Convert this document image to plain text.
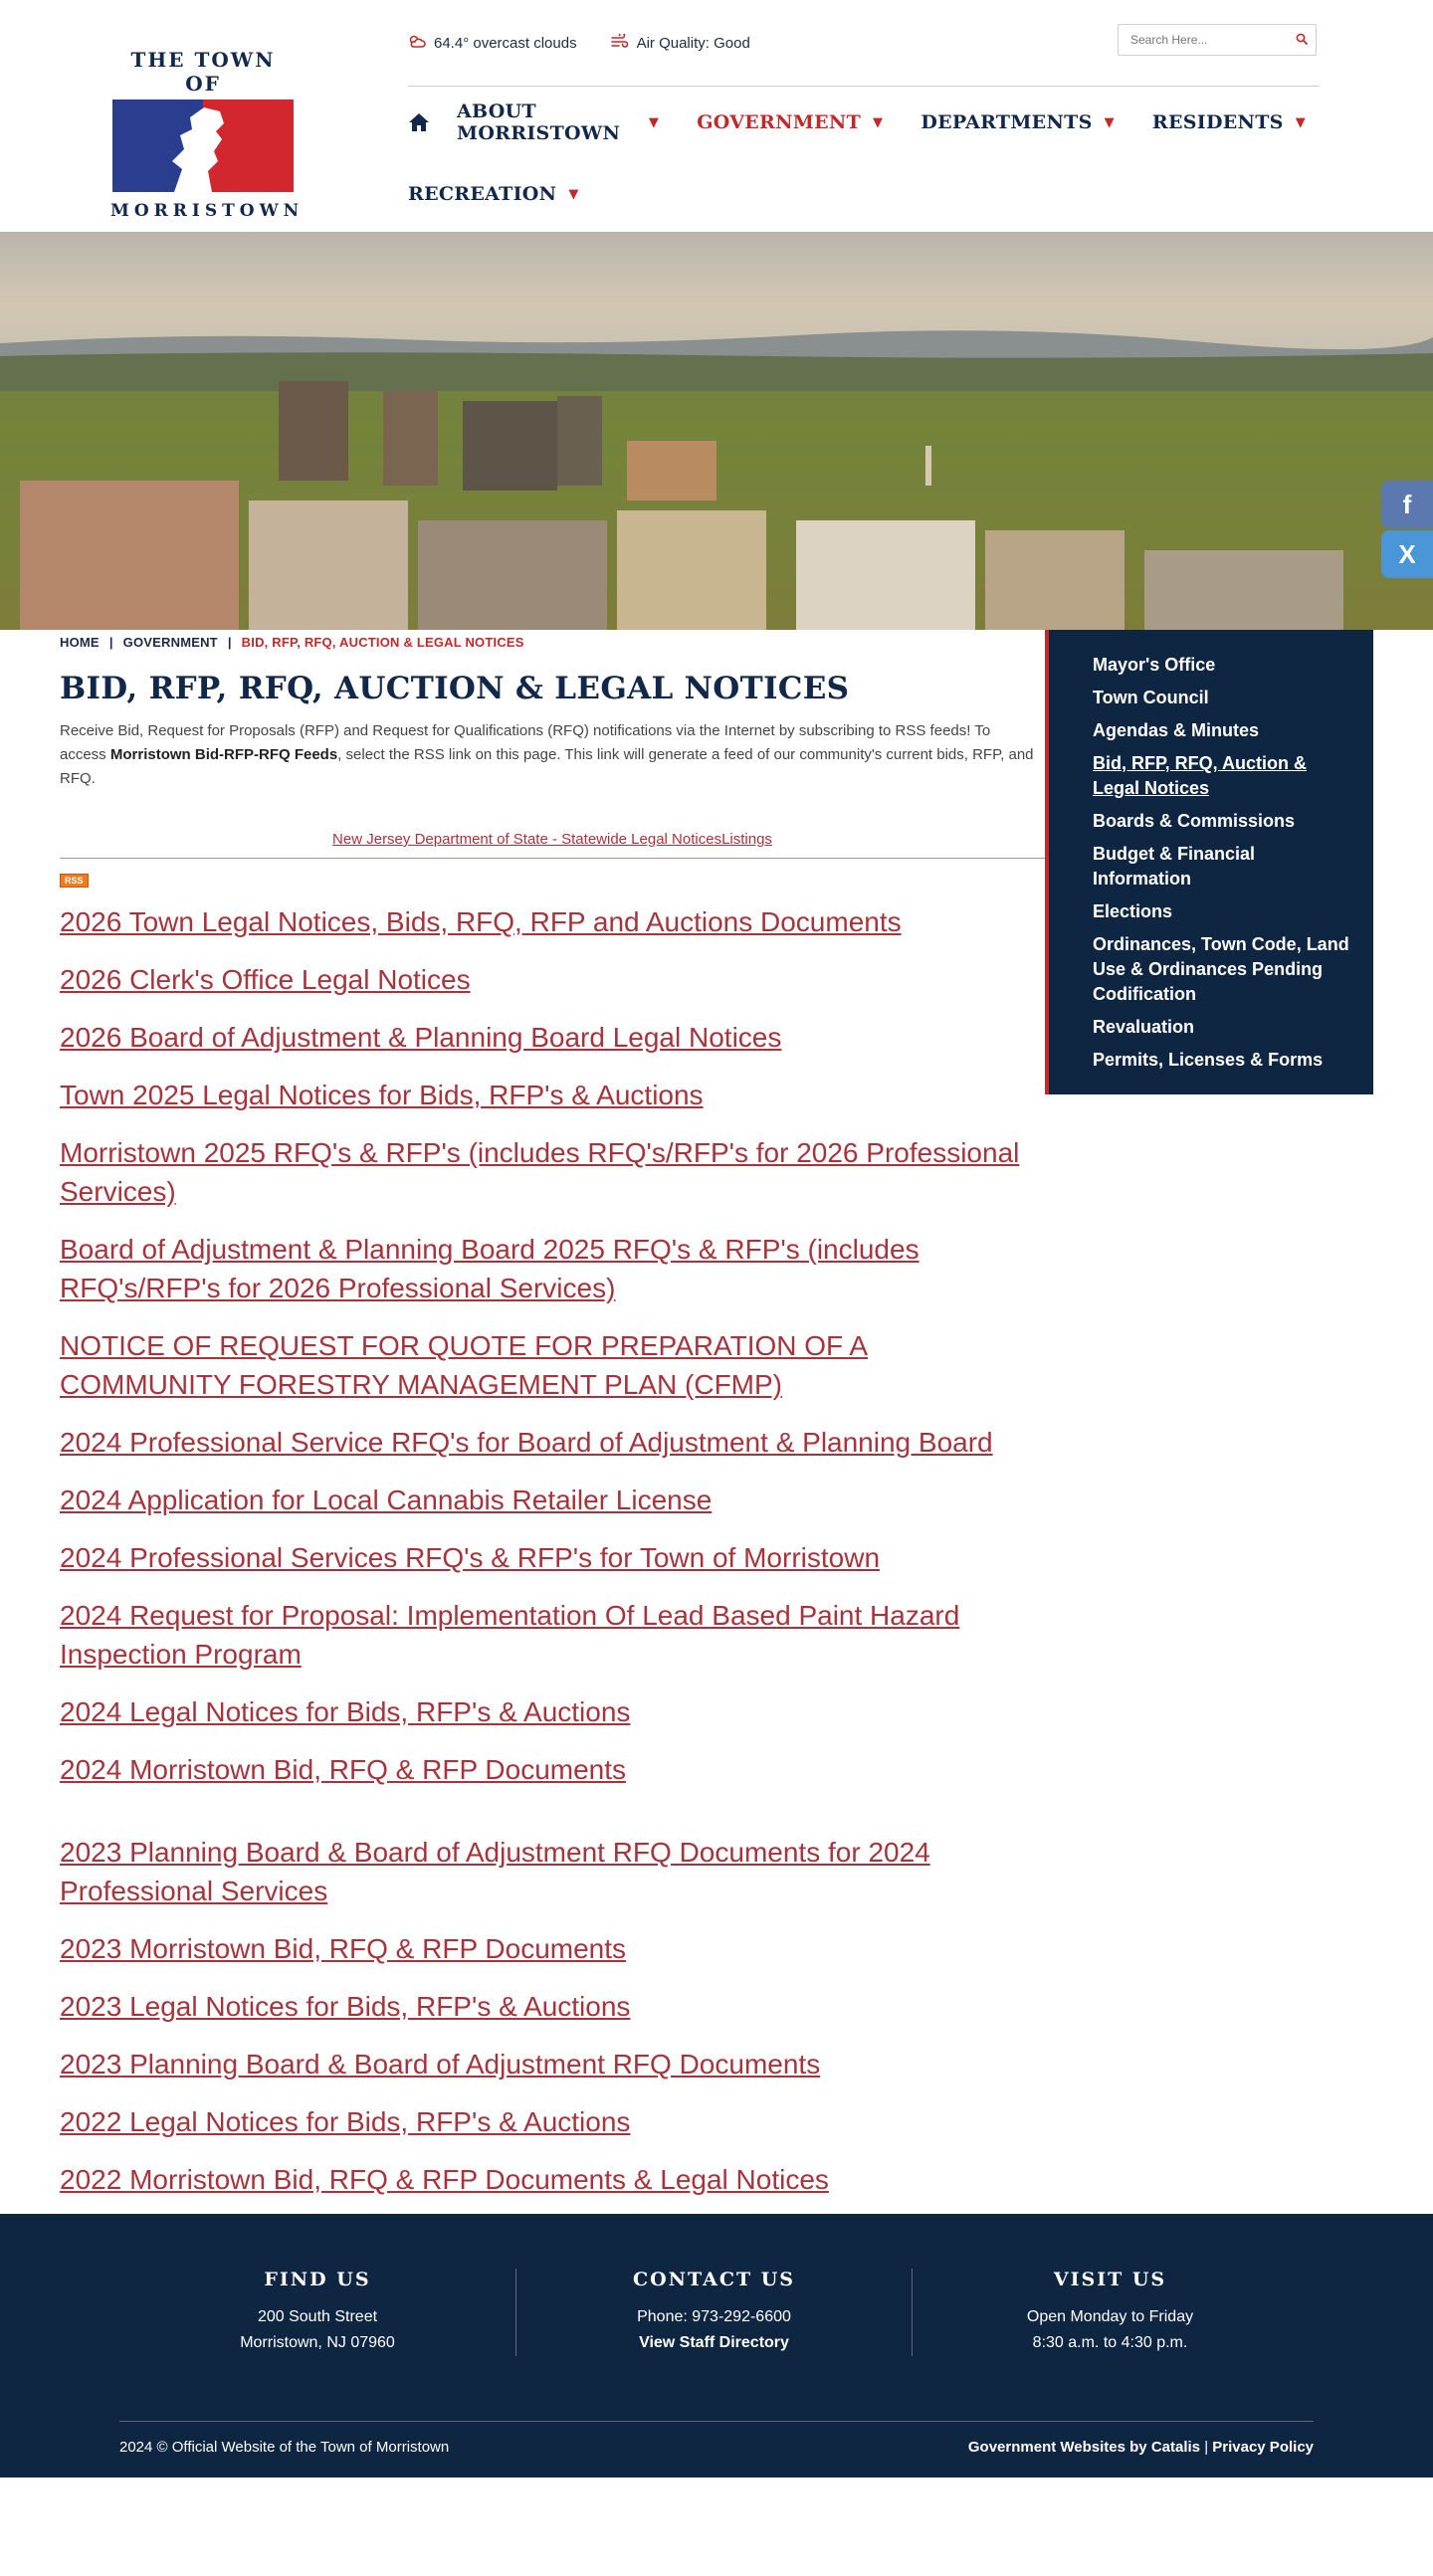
THE TOWN OF
MORRISTOWN
64.4° overcast clouds	Air Quality: Good
Search Here...
ABOUT MORRISTOWN	▼ GOVERNMENT ▼ DEPARTMENTS ▼ RESIDENTS ▼
RECREATION ▼
f
X
HOME | GOVERNMENT | BID, RFP, RFQ, AUCTION & LEGAL NOTICES
BID, RFP, RFQ, AUCTION & LEGAL NOTICES

Receive Bid, Request for Proposals (RFP) and Request for Qualifications (RFQ) notifications via the Internet by subscribing to RSS feeds! To access Morristown Bid-RFP-RFQ Feeds, select the RSS link on this page. This link will generate a feed of our community's current bids, RFP, and RFQ.

New Jersey Department of State - Statewide Legal NoticesListings
RSS
2026 Town Legal Notices, Bids, RFQ, RFP and Auctions Documents
2026 Clerk's Office Legal Notices
2026 Board of Adjustment & Planning Board Legal Notices
Town 2025 Legal Notices for Bids, RFP's & Auctions
Morristown 2025 RFQ's & RFP's (includes RFQ's/RFP's for 2026 Professional Services)
Board of Adjustment & Planning Board 2025 RFQ's & RFP's (includes RFQ's/RFP's for 2026 Professional Services)
NOTICE OF REQUEST FOR QUOTE FOR PREPARATION OF A COMMUNITY FORESTRY MANAGEMENT PLAN (CFMP)
2024 Professional Service RFQ's for Board of Adjustment & Planning Board
2024 Application for Local Cannabis Retailer License
2024 Professional Services RFQ's & RFP's for Town of Morristown
2024 Request for Proposal: Implementation Of Lead Based Paint Hazard Inspection Program
2024 Legal Notices for Bids, RFP's & Auctions
2024 Morristown Bid, RFQ & RFP Documents
2023 Planning Board & Board of Adjustment RFQ Documents for 2024 Professional Services
2023 Morristown Bid, RFQ & RFP Documents
2023 Legal Notices for Bids, RFP's & Auctions
2023 Planning Board & Board of Adjustment RFQ Documents
2022 Legal Notices for Bids, RFP's & Auctions
2022 Morristown Bid, RFQ & RFP Documents & Legal Notices
Mayor's Office
Town Council
Agendas & Minutes
Bid, RFP, RFQ, Auction & Legal Notices
Boards & Commissions
Budget & Financial Information
Elections
Ordinances, Town Code, Land Use & Ordinances Pending Codification
Revaluation
Permits, Licenses & Forms
FIND US

200 South Street

Morristown, NJ 07960

CONTACT US

Phone: 973-292-6600

View Staff Directory

VISIT US

Open Monday to Friday

8:30 a.m. to 4:30 p.m.

2024 © Official Website of the Town of Morristown	Government Websites by Catalis | Privacy Policy
